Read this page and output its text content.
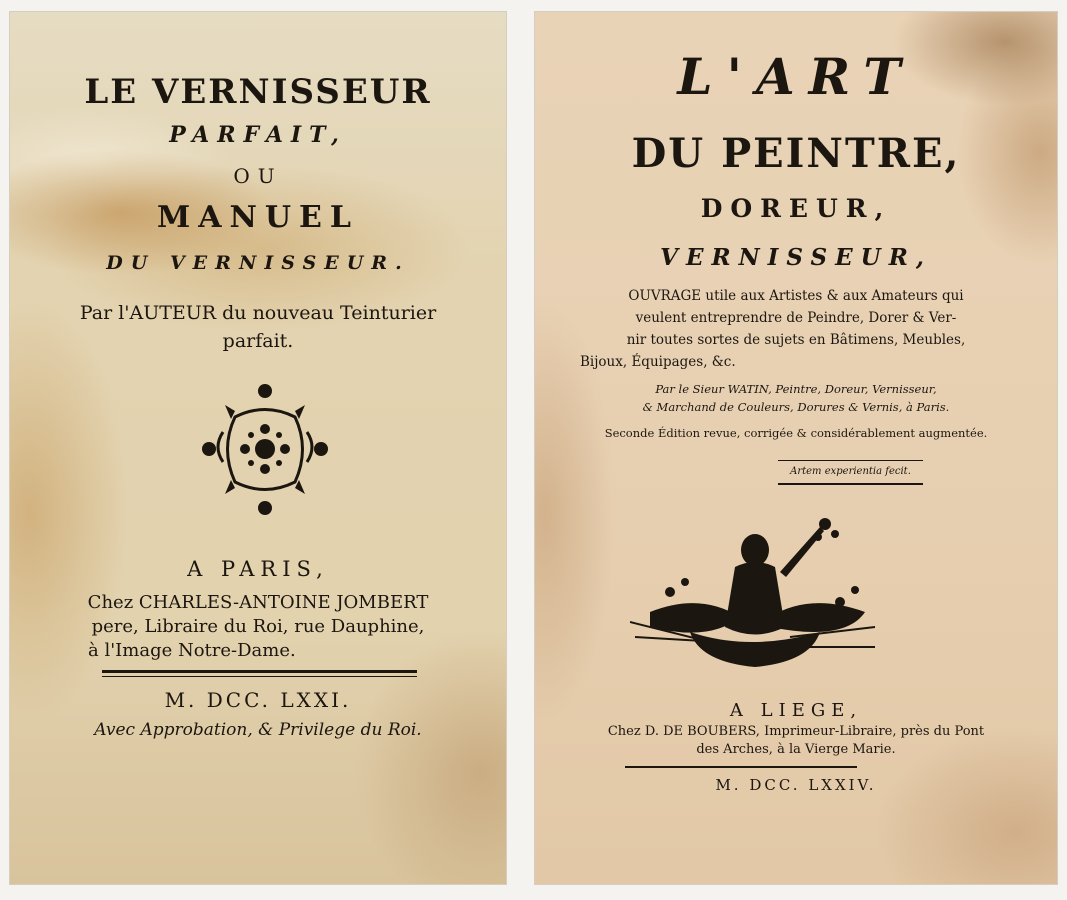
LE VERNISSEUR
PARFAIT,
OU
MANUEL
DU VERNISSEUR.
Par l'AUTEUR du nouveau Teinturier
parfait.
A PARIS,
Chez CHARLES-ANTOINE JOMBERT
pere, Libraire du Roi, rue Dauphine,
à l'Image Notre-Dame.
M. DCC. LXXI.
Avec Approbation, & Privilege du Roi.
L'ART
DU PEINTRE,
DOREUR,
VERNISSEUR,
OUVRAGE utile aux Artistes & aux Amateurs qui
veulent entreprendre de Peindre, Dorer & Ver-
nir toutes sortes de sujets en Bâtimens, Meubles,
Bijoux, Équipages, &c.
Par le Sieur WATIN, Peintre, Doreur, Vernisseur,
& Marchand de Couleurs, Dorures & Vernis, à Paris.
Seconde Édition revue, corrigée & considérablement augmentée.
Artem experientia fecit.
A LIEGE,
Chez D. DE BOUBERS, Imprimeur-Libraire, près du Pont
des Arches, à la Vierge Marie.
M. DCC. LXXIV.
